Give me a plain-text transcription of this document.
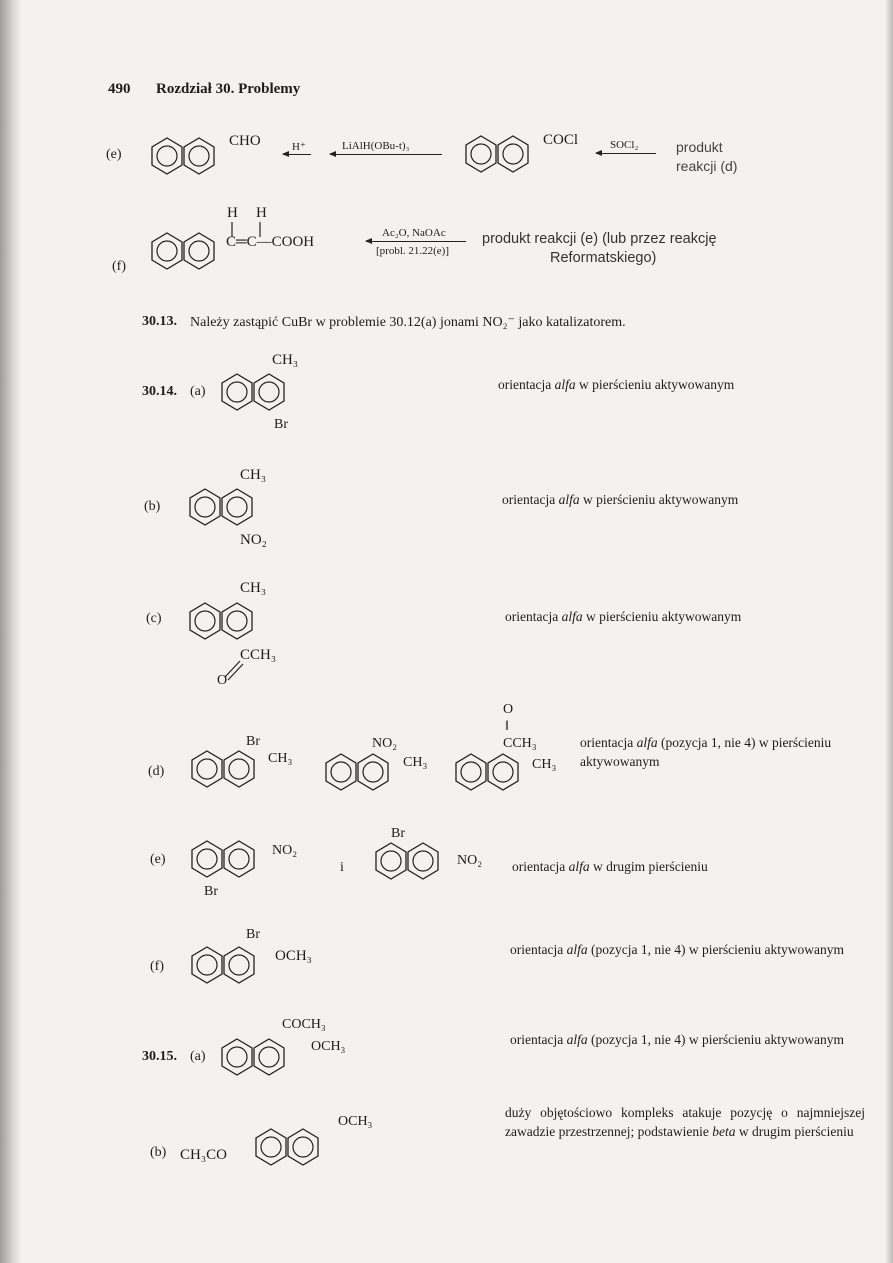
490 Rozdział 30. Problemy
(e)
CHO	H⁺	LiAlH(OBu-t)₃	COCl	SOCl₂	produkt
reakcji (d)
(f)
H H
C═C—COOH
Ac₂O, NaOAc
[probl. 21.22(e)]
produkt reakcji (e) (lub przez reakcję
Reformatskiego)
30.13. Należy zastąpić CuBr w problemie 30.12(a) jonami NO₂⁻ jako katalizatorem.
30.14. (a)
CH₃
Br
orientacja alfa w pierścieniu aktywowanym
(b)
CH₃
NO₂
orientacja alfa w pierścieniu aktywowanym
(c)
CH₃
CCH₃
O
orientacja alfa w pierścieniu aktywowanym
(d)
Br
CH₃
NO₂
CH₃
O
‖
CCH₃
CH₃
orientacja alfa (pozycja 1, nie 4) w pierścieniu aktywowanym
(e)
NO₂
Br
i
Br
NO₂ orientacja alfa w drugim pierścieniu
(f)
Br
OCH₃	orientacja alfa (pozycja 1, nie 4) w pierścieniu aktywowanym
30.15. (a)
COCH₃
OCH₃	orientacja alfa (pozycja 1, nie 4) w pierścieniu aktywowanym
(b) CH₃CO
OCH₃
duży objętościowo kompleks atakuje pozycję o najmniejszej zawadzie przestrzennej; podstawienie beta w drugim pierścieniu
